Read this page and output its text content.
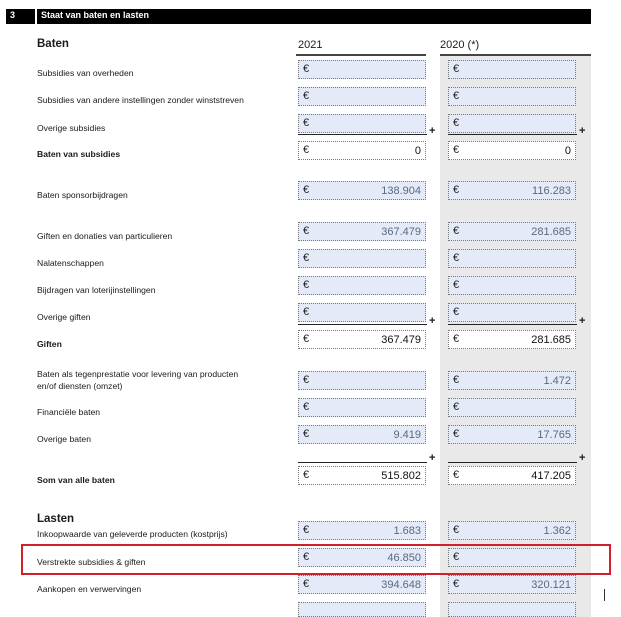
3	Staat van baten en lasten
Baten	2021	2020 (*)
Lasten
Subsidies van overheden	€	€
Subsidies van andere instellingen zonder winststreven	€	€
Overige subsidies	€	€
+	+
Baten van subsidies	€	0	€	0
Baten sponsorbijdragen	€	138.904	€	116.283
Giften en donaties van particulieren	€	367.479	€	281.685
Nalatenschappen	€	€
Bijdragen van loterijinstellingen	€	€
Overige giften	€	€
+	+
Giften	€	367.479	€	281.685
Baten als tegenprestatie voor levering van producten en/of diensten (omzet)	€	€	1.472
Financiële baten	€	€
Overige baten	€	9.419	€	17.765
+	+
Som van alle baten	€	515.802	€	417.205
Inkoopwaarde van geleverde producten (kostprijs)	€	1.683	€	1.362
Verstrekte subsidies & giften	€	46.850	€
Aankopen en verwervingen	€	394.648	€	320.121
